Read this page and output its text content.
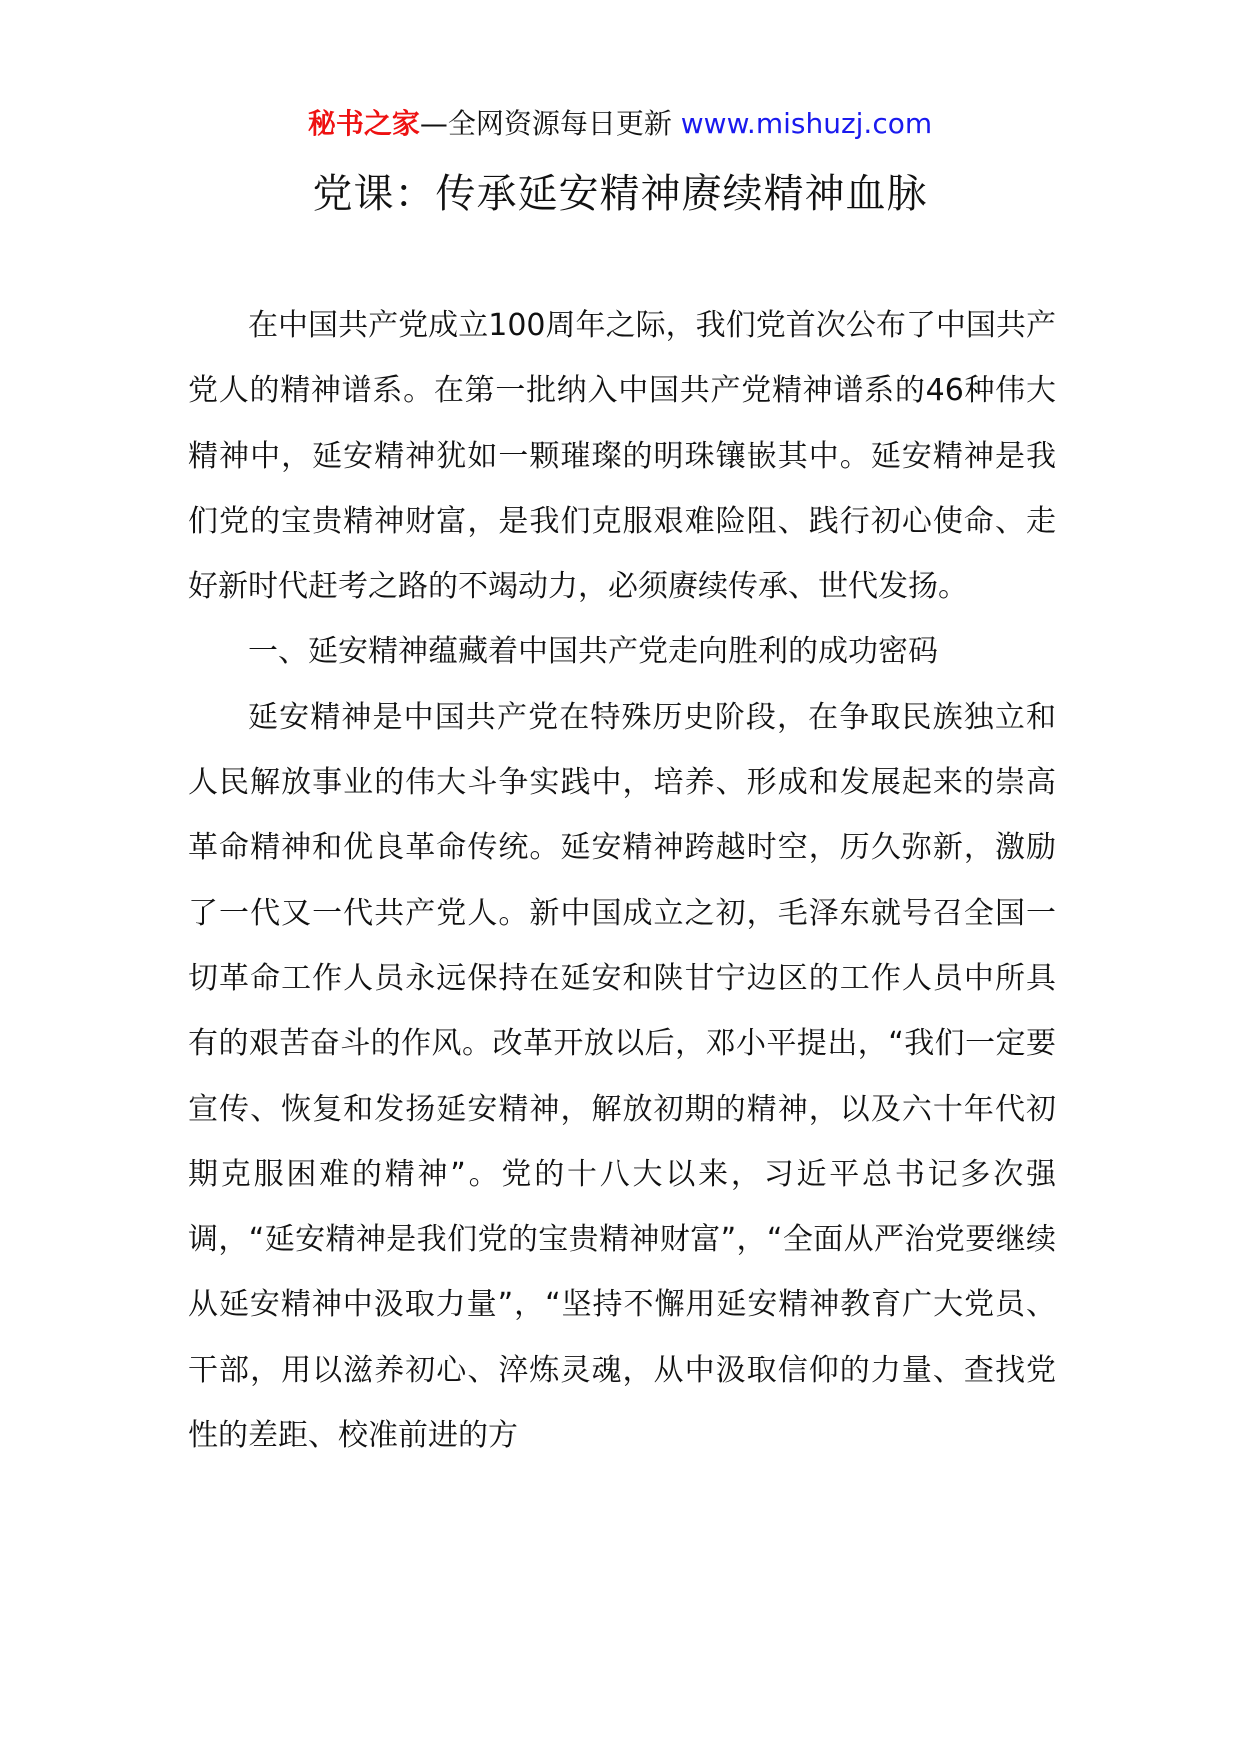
秘书之家—全网资源每日更新 www.mishuzj.com
党课：传承延安精神赓续精神血脉

在中国共产党成立100周年之际，我们党首次公布了中国共产党人的精神谱系。在第一批纳入中国共产党精神谱系的46种伟大精神中，延安精神犹如一颗璀璨的明珠镶嵌其中。延安精神是我们党的宝贵精神财富，是我们克服艰难险阻、践行初心使命、走好新时代赶考之路的不竭动力，必须赓续传承、世代发扬。

一、延安精神蕴藏着中国共产党走向胜利的成功密码

延安精神是中国共产党在特殊历史阶段，在争取民族独立和人民解放事业的伟大斗争实践中，培养、形成和发展起来的崇高革命精神和优良革命传统。延安精神跨越时空，历久弥新，激励了一代又一代共产党人。新中国成立之初，毛泽东就号召全国一切革命工作人员永远保持在延安和陕甘宁边区的工作人员中所具有的艰苦奋斗的作风。改革开放以后，邓小平提出，“我们一定要宣传、恢复和发扬延安精神，解放初期的精神，以及六十年代初期克服困难的精神”。党的十八大以来，习近平总书记多次强调，“延安精神是我们党的宝贵精神财富”，“全面从严治党要继续从延安精神中汲取力量”，“坚持不懈用延安精神教育广大党员、干部，用以滋养初心、淬炼灵魂，从中汲取信仰的力量、查找党性的差距、校准前进的方
